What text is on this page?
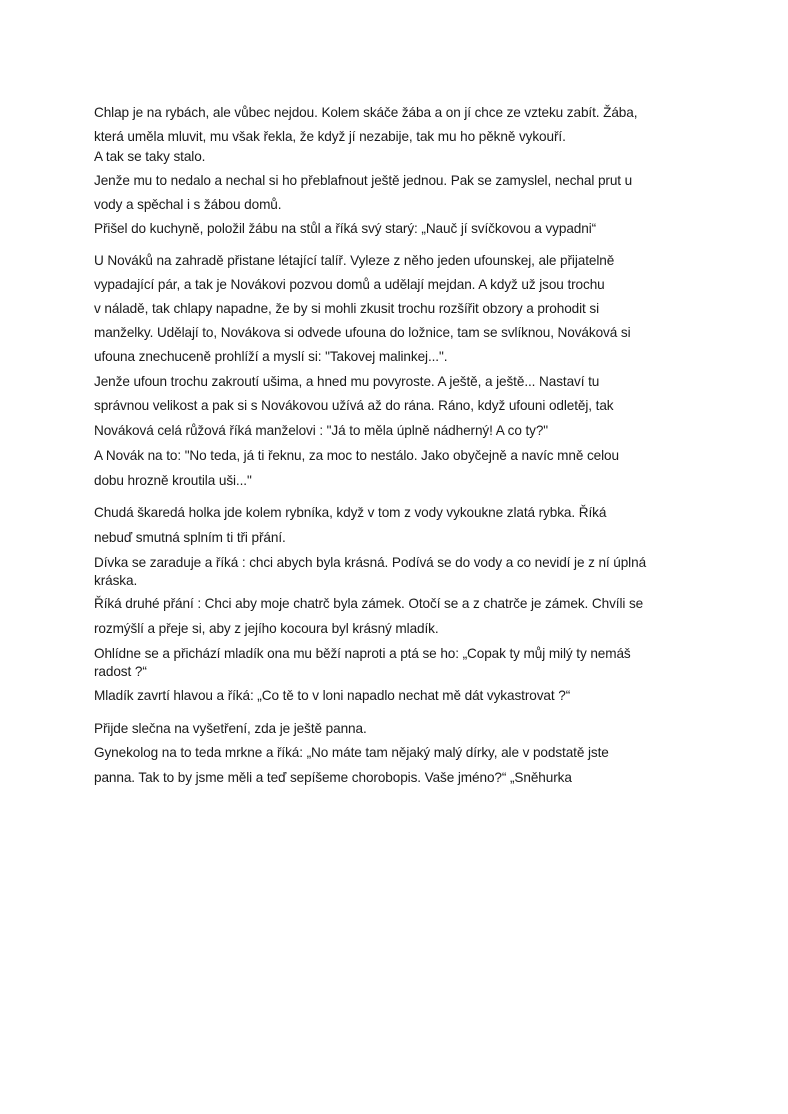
Chlap je na rybách, ale vůbec nejdou. Kolem skáče žába a on jí chce ze vzteku zabít. Žába,
která uměla mluvit, mu však řekla, že když jí nezabije, tak mu ho pěkně vykouří.
A tak se taky stalo.
Jenže mu to nedalo a nechal si ho přeblafnout ještě jednou. Pak se zamyslel, nechal prut u
vody a spěchal i s žábou domů.
Přišel do kuchyně, položil žábu na stůl a říká svý starý: „Nauč jí svíčkovou a vypadni“
U Nováků na zahradě přistane létající talíř. Vyleze z něho jeden ufounskej, ale přijatelně
vypadající pár, a tak je Novákovi pozvou domů a udělají mejdan. A když už jsou trochu
v náladě, tak chlapy napadne, že by si mohli zkusit trochu rozšířit obzory a prohodit si
manželky. Udělají to, Novákova si odvede ufouna do ložnice, tam se svlíknou, Nováková si
ufouna znechuceně prohlíží a myslí si: "Takovej malinkej...".
Jenže ufoun trochu zakroutí ušima, a hned mu povyroste. A ještě, a ještě... Nastaví tu
správnou velikost a pak si s Novákovou užívá až do rána. Ráno, když ufouni odletěj, tak
Nováková celá růžová říká manželovi : "Já to měla úplně nádherný! A co ty?"
A Novák na to: "No teda, já ti řeknu, za moc to nestálo. Jako obyčejně a navíc mně celou
dobu hrozně kroutila uši..."
Chudá škaredá holka jde kolem rybníka, když v tom z vody vykoukne zlatá rybka. Říká
nebuď smutná splním ti tři přání.
Dívka se zaraduje a říká : chci abych byla krásná. Podívá se do vody a co nevidí je z ní úplná
kráska.
Říká druhé přání : Chci aby moje chatrč byla zámek. Otočí se a z chatrče je zámek. Chvíli se
rozmýšlí a přeje si, aby z jejího kocoura byl krásný mladík.
Ohlídne se a přichází mladík ona mu běží naproti a ptá se ho: „Copak ty můj milý ty nemáš
radost ?“
Mladík zavrtí hlavou a říká: „Co tě to v loni napadlo nechat mě dát vykastrovat ?“
Přijde slečna na vyšetření, zda je ještě panna.
Gynekolog na to teda mrkne a říká: „No máte tam nějaký malý dírky, ale v podstatě jste
panna. Tak to by jsme měli a teď sepíšeme chorobopis. Vaše jméno?“ „Sněhurka
